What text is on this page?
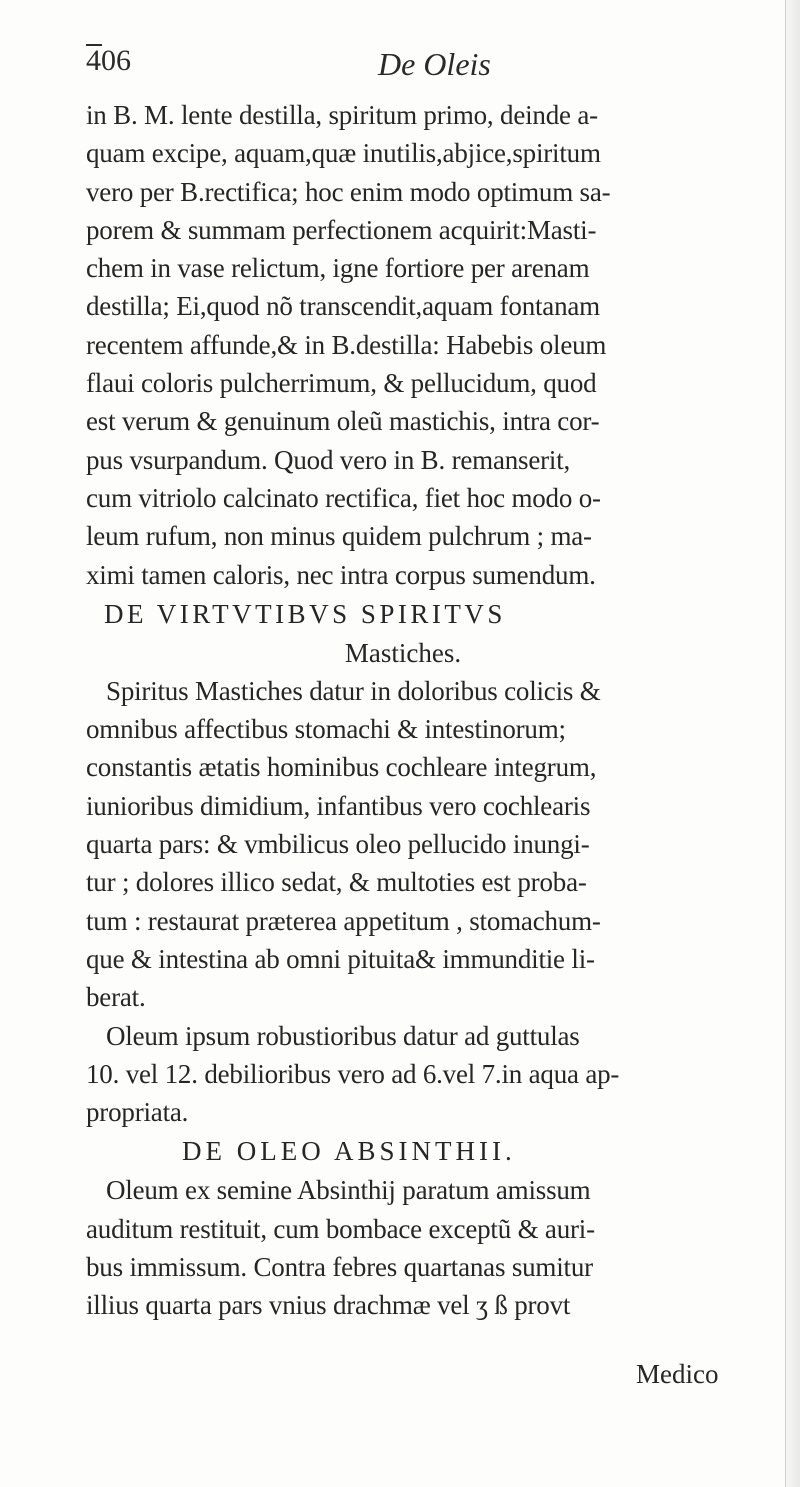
406	De Oleis
in B. M. lente destilla, spiritum primo, deinde a-
quam excipe, aquam,quæ inutilis,abjice,spiritum
vero per B.rectifica; hoc enim modo optimum sa-
porem & summam perfectionem acquirit:Masti-
chem in vase relictum, igne fortiore per arenam
destilla; Ei,quod nõ transcendit,aquam fontanam
recentem affunde,& in B.destilla: Habebis oleum
flaui coloris pulcherrimum, & pellucidum, quod
est verum & genuinum oleũ mastichis, intra cor-
pus vsurpandum. Quod vero in B. remanserit,
cum vitriolo calcinato rectifica, fiet hoc modo o-
leum rufum, non minus quidem pulchrum ; ma-
ximi tamen caloris, nec intra corpus sumendum.
DE VIRTVTIBVS SPIRITVS
Mastiches.
Spiritus Mastiches datur in doloribus colicis &
omnibus affectibus stomachi & intestinorum;
constantis ætatis hominibus cochleare integrum,
iunioribus dimidium, infantibus vero cochlearis
quarta pars: & vmbilicus oleo pellucido inungi-
tur ; dolores illico sedat, & multoties est proba-
tum : restaurat præterea appetitum , stomachum-
que & intestina ab omni pituita& immunditie li-
berat.
Oleum ipsum robustioribus datur ad guttulas
10. vel 12. debilioribus vero ad 6.vel 7.in aqua ap-
propriata.
DE OLEO ABSINTHII.
Oleum ex semine Absinthij paratum amissum
auditum restituit, cum bombace exceptũ & auri-
bus immissum. Contra febres quartanas sumitur
illius quarta pars vnius drachmæ vel ʒ ß provt
Medico
